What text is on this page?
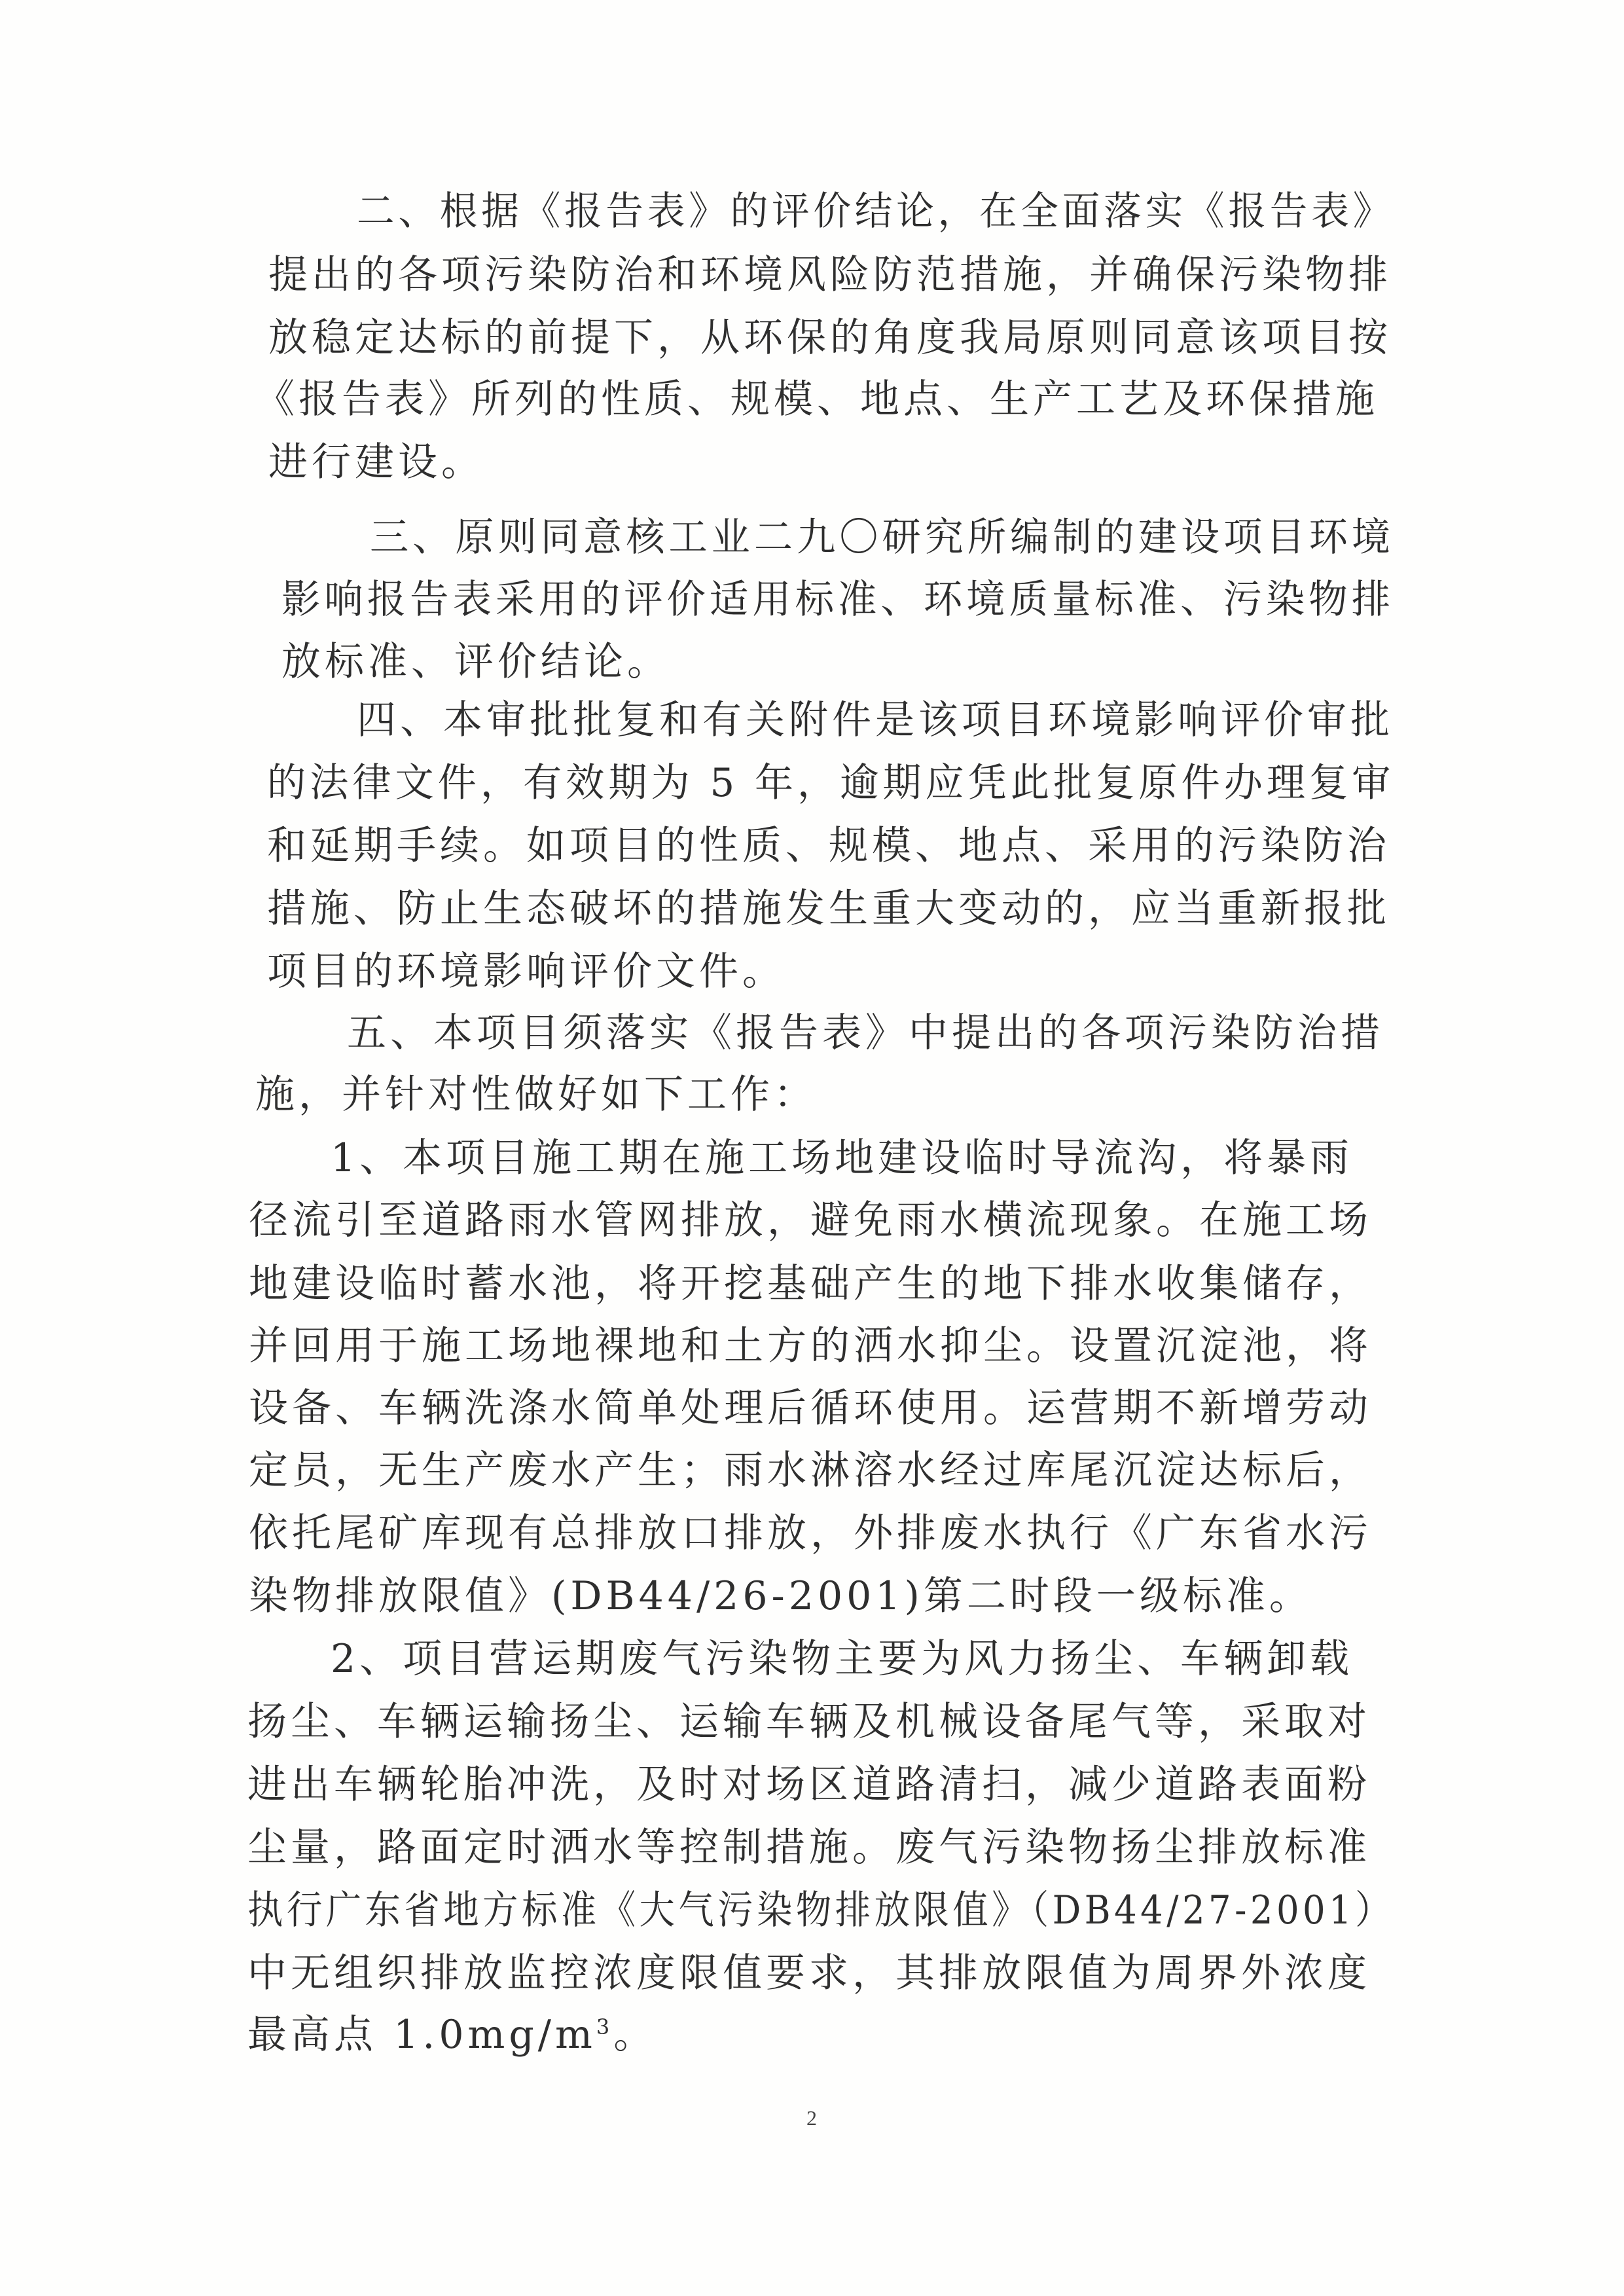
二、根据《报告表》的评价结论，在全面落实《报告表》
提出的各项污染防治和环境风险防范措施，并确保污染物排
放稳定达标的前提下，从环保的角度我局原则同意该项目按
《报告表》所列的性质、规模、地点、生产工艺及环保措施
进行建设。
三、原则同意核工业二九〇研究所编制的建设项目环境
影响报告表采用的评价适用标准、环境质量标准、污染物排
放标准、评价结论。
四、本审批批复和有关附件是该项目环境影响评价审批
的法律文件，有效期为 5 年，逾期应凭此批复原件办理复审
和延期手续。如项目的性质、规模、地点、采用的污染防治
措施、防止生态破坏的措施发生重大变动的，应当重新报批
项目的环境影响评价文件。
五、本项目须落实《报告表》中提出的各项污染防治措
施，并针对性做好如下工作：
1、本项目施工期在施工场地建设临时导流沟，将暴雨
径流引至道路雨水管网排放，避免雨水横流现象。在施工场
地建设临时蓄水池，将开挖基础产生的地下排水收集储存，
并回用于施工场地裸地和土方的洒水抑尘。设置沉淀池，将
设备、车辆洗涤水简单处理后循环使用。运营期不新增劳动
定员，无生产废水产生；雨水淋溶水经过库尾沉淀达标后，
依托尾矿库现有总排放口排放，外排废水执行《广东省水污
染物排放限值》(DB44/26-2001)第二时段一级标准。
2、项目营运期废气污染物主要为风力扬尘、车辆卸载
扬尘、车辆运输扬尘、运输车辆及机械设备尾气等，采取对
进出车辆轮胎冲洗，及时对场区道路清扫，减少道路表面粉
尘量，路面定时洒水等控制措施。废气污染物扬尘排放标准
执行广东省地方标准《大气污染物排放限值》（DB44/27-2001）
中无组织排放监控浓度限值要求，其排放限值为周界外浓度
最高点 $1.0mg/m^3$。
2
